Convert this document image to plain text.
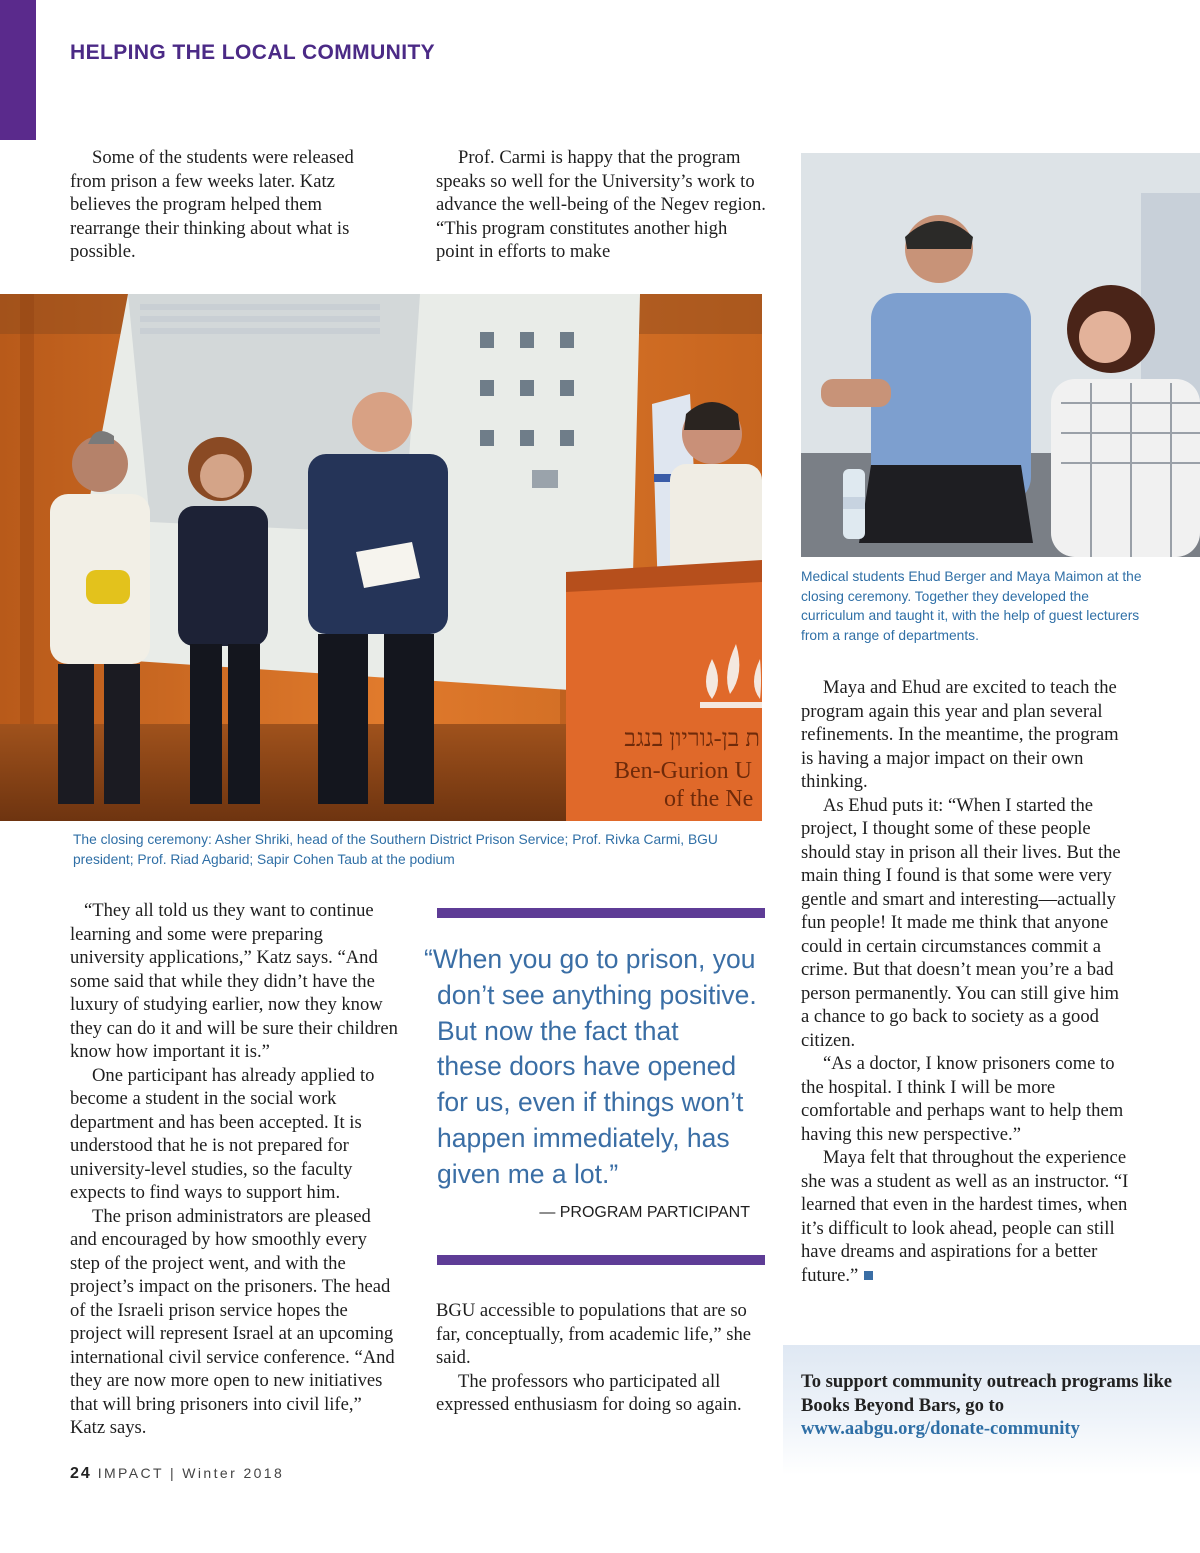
HELPING THE LOCAL COMMUNITY

Some of the students were released from prison a few weeks later. Katz believes the program helped them rearrange their thinking about what is possible.

Prof. Carmi is happy that the program speaks so well for the University’s work to advance the well-being of the Negev region. “This program constitutes another high point in efforts to make

ת בן-גוריון בנגב
Ben-Gurion U
of the Ne

The closing ceremony: Asher Shriki, head of the Southern District Prison Service; Prof. Rivka Carmi, BGU president; Prof. Riad Agbarid; Sapir Cohen Taub at the podium

Medical students Ehud Berger and Maya Maimon at the closing ceremony. Together they developed the curriculum and taught it, with the help of guest lecturers from a range of departments.

“They all told us they want to continue learning and some were preparing university applications,” Katz says. “And some said that while they didn’t have the luxury of studying earlier, now they know they can do it and will be sure their children know how important it is.”

One participant has already applied to become a student in the social work department and has been accepted. It is understood that he is not prepared for university-level studies, so the faculty expects to find ways to support him.

The prison administrators are pleased and encouraged by how smoothly every step of the project went, and with the project’s impact on the prisoners. The head of the Israeli prison service hopes the project will represent Israel at an upcoming international civil service conference. “And they are now more open to new initiatives that will bring prisoners into civil life,” Katz says.

“When you go to prison, you
don’t see anything positive.
But now the fact that
these doors have opened
for us, even if things won’t
happen immediately, has
given me a lot.”

— PROGRAM PARTICIPANT

BGU accessible to populations that are so far, conceptually, from academic life,” she said.

The professors who participated all expressed enthusiasm for doing so again.

Maya and Ehud are excited to teach the program again this year and plan several refinements. In the meantime, the program is having a major impact on their own thinking.

As Ehud puts it: “When I started the project, I thought some of these people should stay in prison all their lives. But the main thing I found is that some were very gentle and smart and interesting—actually fun people! It made me think that anyone could in certain circumstances commit a crime. But that doesn’t mean you’re a bad person permanently. You can still give him a chance to go back to society as a good citizen.

“As a doctor, I know prisoners come to the hospital. I think I will be more comfortable and perhaps want to help them having this new perspective.”

Maya felt that throughout the experience she was a student as well as an instructor. “I learned that even in the hardest times, when it’s difficult to look ahead, people can still have dreams and aspirations for a better future.”

To support community outreach programs like Books Beyond Bars, go to www.aabgu.org/donate-community

24 IMPACT | Winter 2018
